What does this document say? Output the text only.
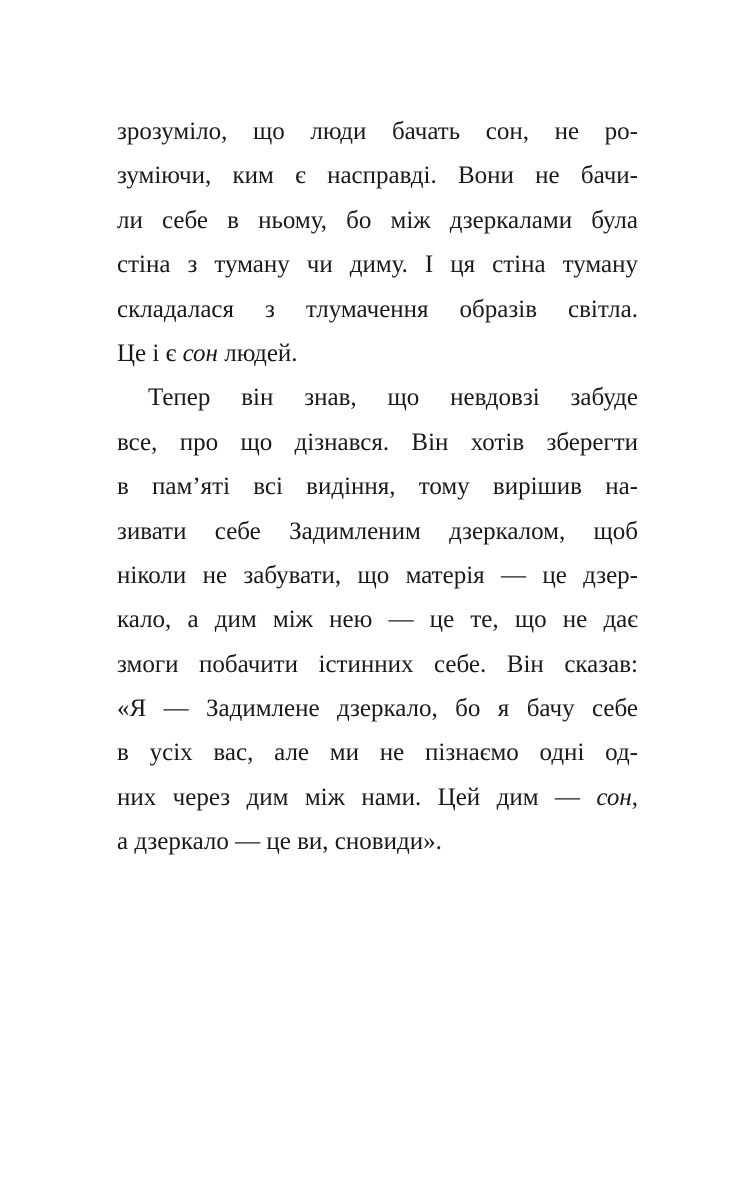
зрозуміло, що люди бачать сон, не ро-
зуміючи, ким є насправді. Вони не бачи-
ли себе в ньому, бо між дзеркалами була
стіна з туману чи диму. І ця стіна туману
складалася з тлумачення образів світла.
Це і є сон людей.
Тепер він знав, що невдовзі забуде
все, про що дізнався. Він хотів зберегти
в пам’яті всі видіння, тому вирішив на-
зивати себе Задимленим дзеркалом, щоб
ніколи не забувати, що матерія — це дзер-
кало, а дим між нею — це те, що не дає
змоги побачити істинних себе. Він сказав:
«Я — Задимлене дзеркало, бо я бачу себе
в усіх вас, але ми не пізнаємо одні од-
них через дим між нами. Цей дим — сон,
а дзеркало — це ви, сновиди».
